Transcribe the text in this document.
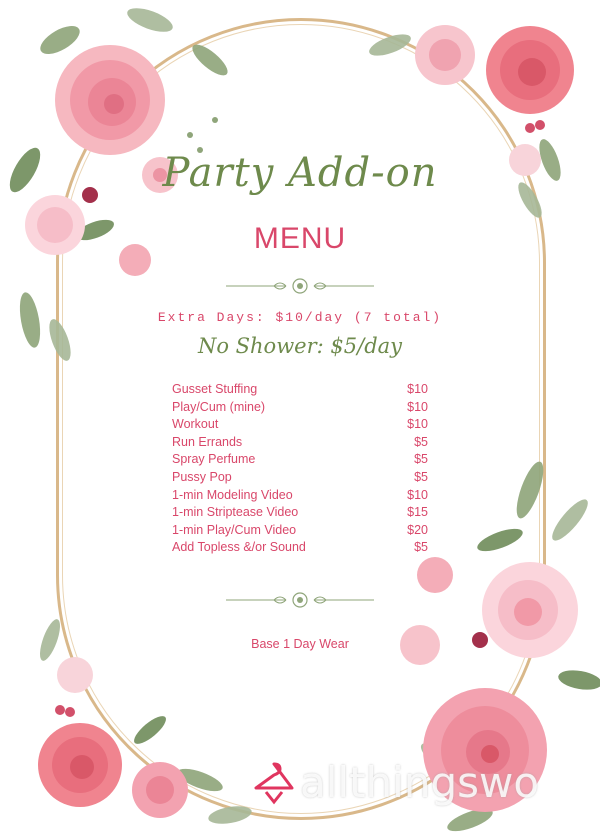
Party Add-on
MENU
Extra Days: $10/day (7 total)
No Shower: $5/day
Gusset Stuffing	$10
Play/Cum (mine)	$10
Workout	$10
Run Errands	$5
Spray Perfume	$5
Pussy Pop	$5
1-min Modeling Video	$10
1-min Striptease Video	$15
1-min Play/Cum Video	$20
Add Topless &/or Sound	$5
Base 1 Day Wear
allthingswo
